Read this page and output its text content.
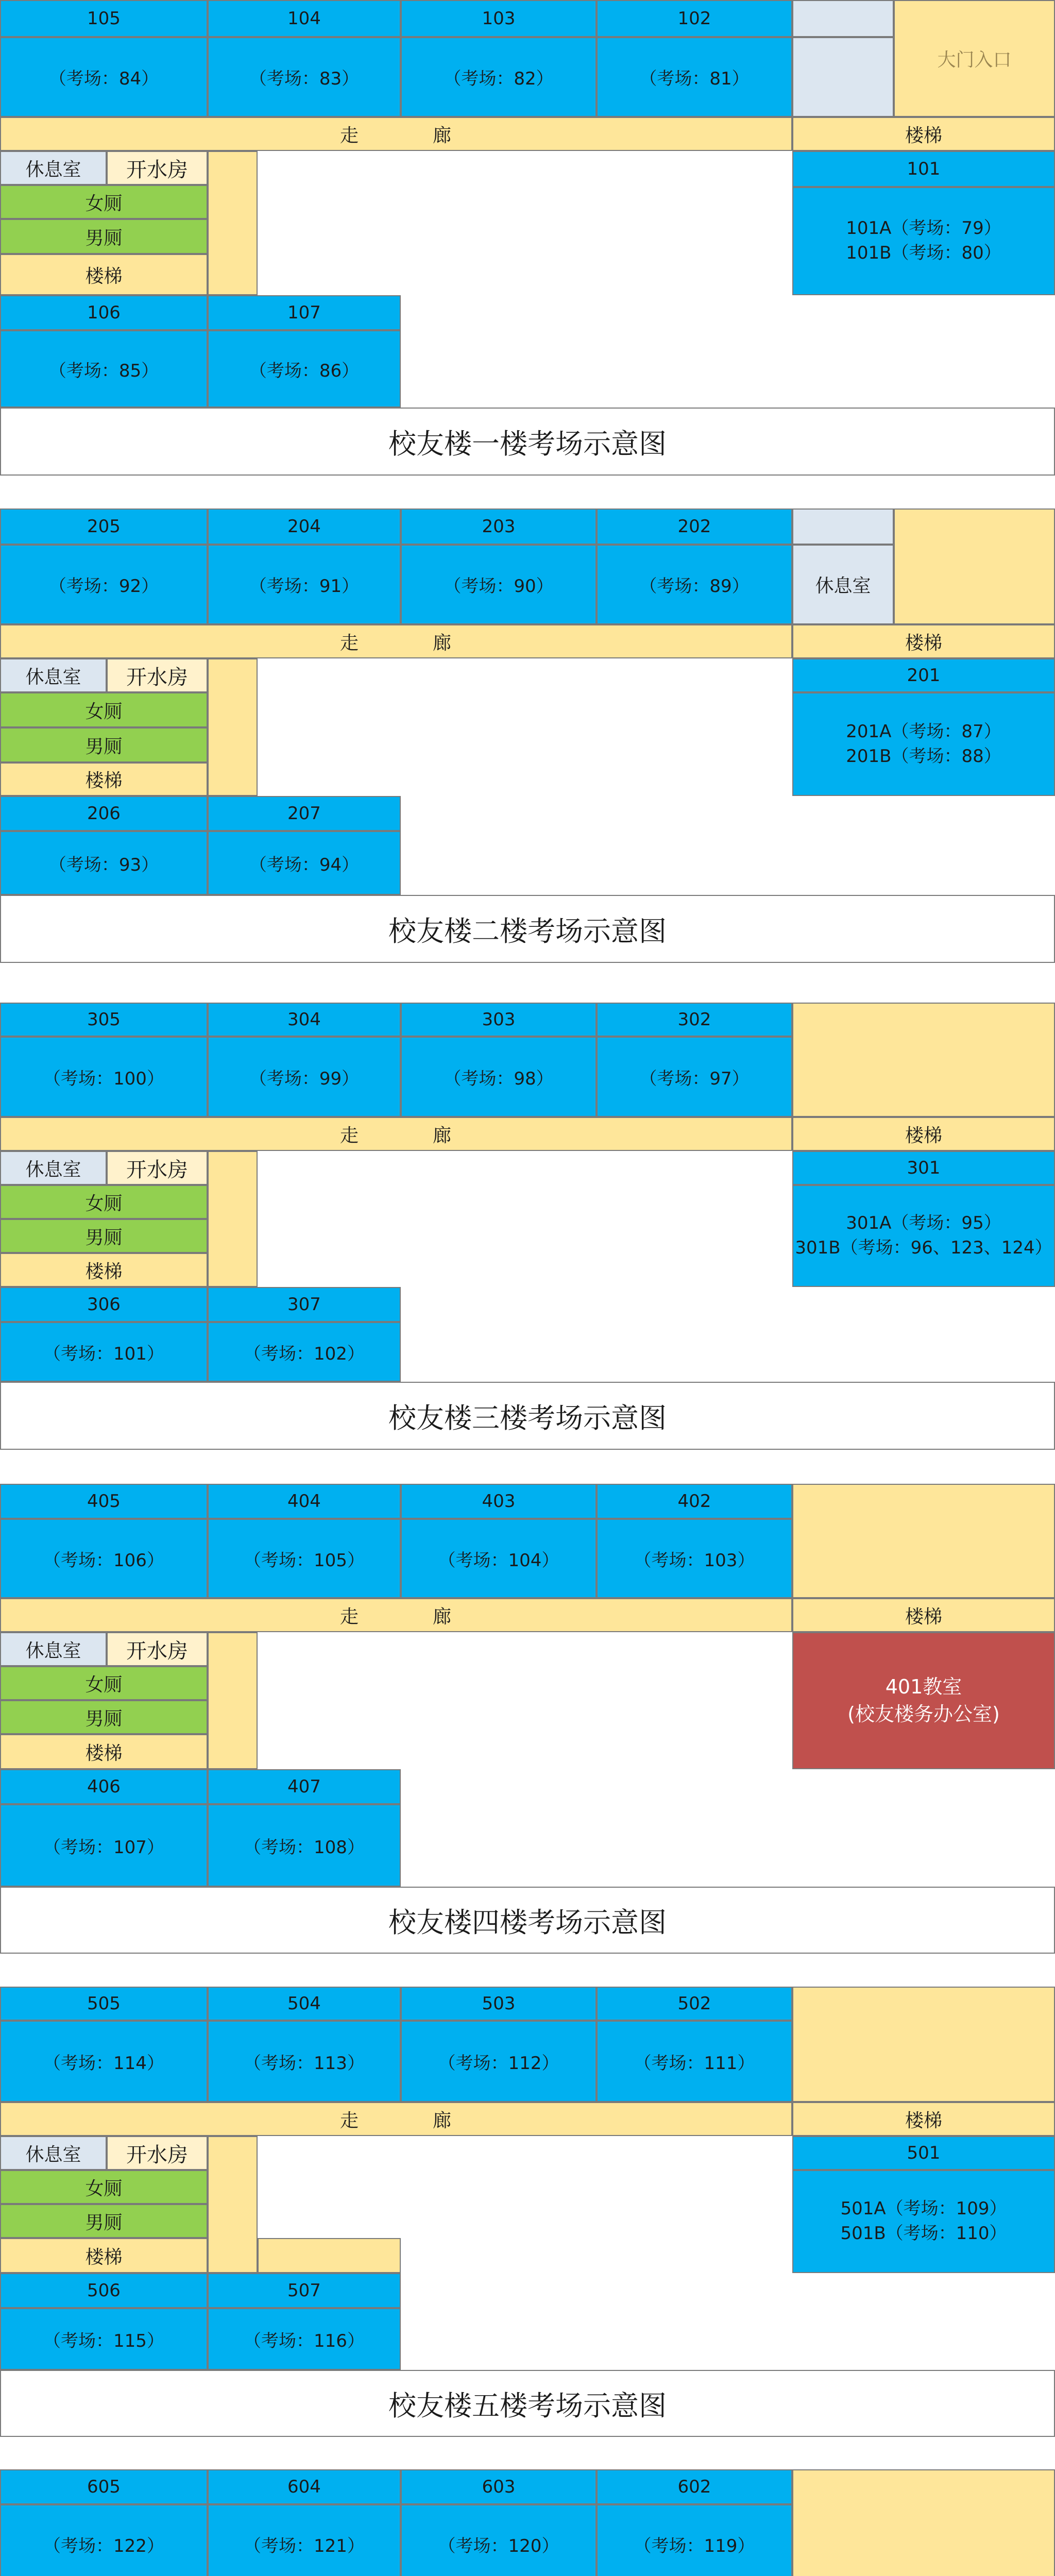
105	104	103	102
（考场：84）	（考场：83）	（考场：82）	（考场：81）
大门入口
走	廊	楼梯
休息室	开水房
女厕
男厕
楼梯
101
101A（考场：79）
101B（考场：80）
106	107
（考场：85）	（考场：86）
校友楼一楼考场示意图
205	204	203	202
（考场：92）	（考场：91）	（考场：90）	（考场：89）	休息室
走	廊	楼梯
休息室	开水房
女厕
男厕
楼梯
201
201A（考场：87）
201B（考场：88）
206	207
（考场：93）	（考场：94）
校友楼二楼考场示意图
305	304	303	302
（考场：100）	（考场：99）	（考场：98）	（考场：97）
走	廊	楼梯
休息室	开水房
女厕
男厕
楼梯
301
301A（考场：95）
301B（考场：96、123、124）
306	307
（考场：101）	（考场：102）
校友楼三楼考场示意图
405	404	403	402
（考场：106）	（考场：105）	（考场：104）	（考场：103）
走	廊	楼梯
休息室	开水房
女厕
男厕
楼梯
401教室
(校友楼务办公室)
406	407
（考场：107）	（考场：108）
校友楼四楼考场示意图
505	504	503	502
（考场：114）	（考场：113）	（考场：112）	（考场：111）
走	廊	楼梯
休息室	开水房
女厕
男厕
楼梯
501
501A（考场：109）
501B（考场：110）
506	507
（考场：115）	（考场：116）
校友楼五楼考场示意图
605	604	603	602
（考场：122）	（考场：121）	（考场：120）	（考场：119）
